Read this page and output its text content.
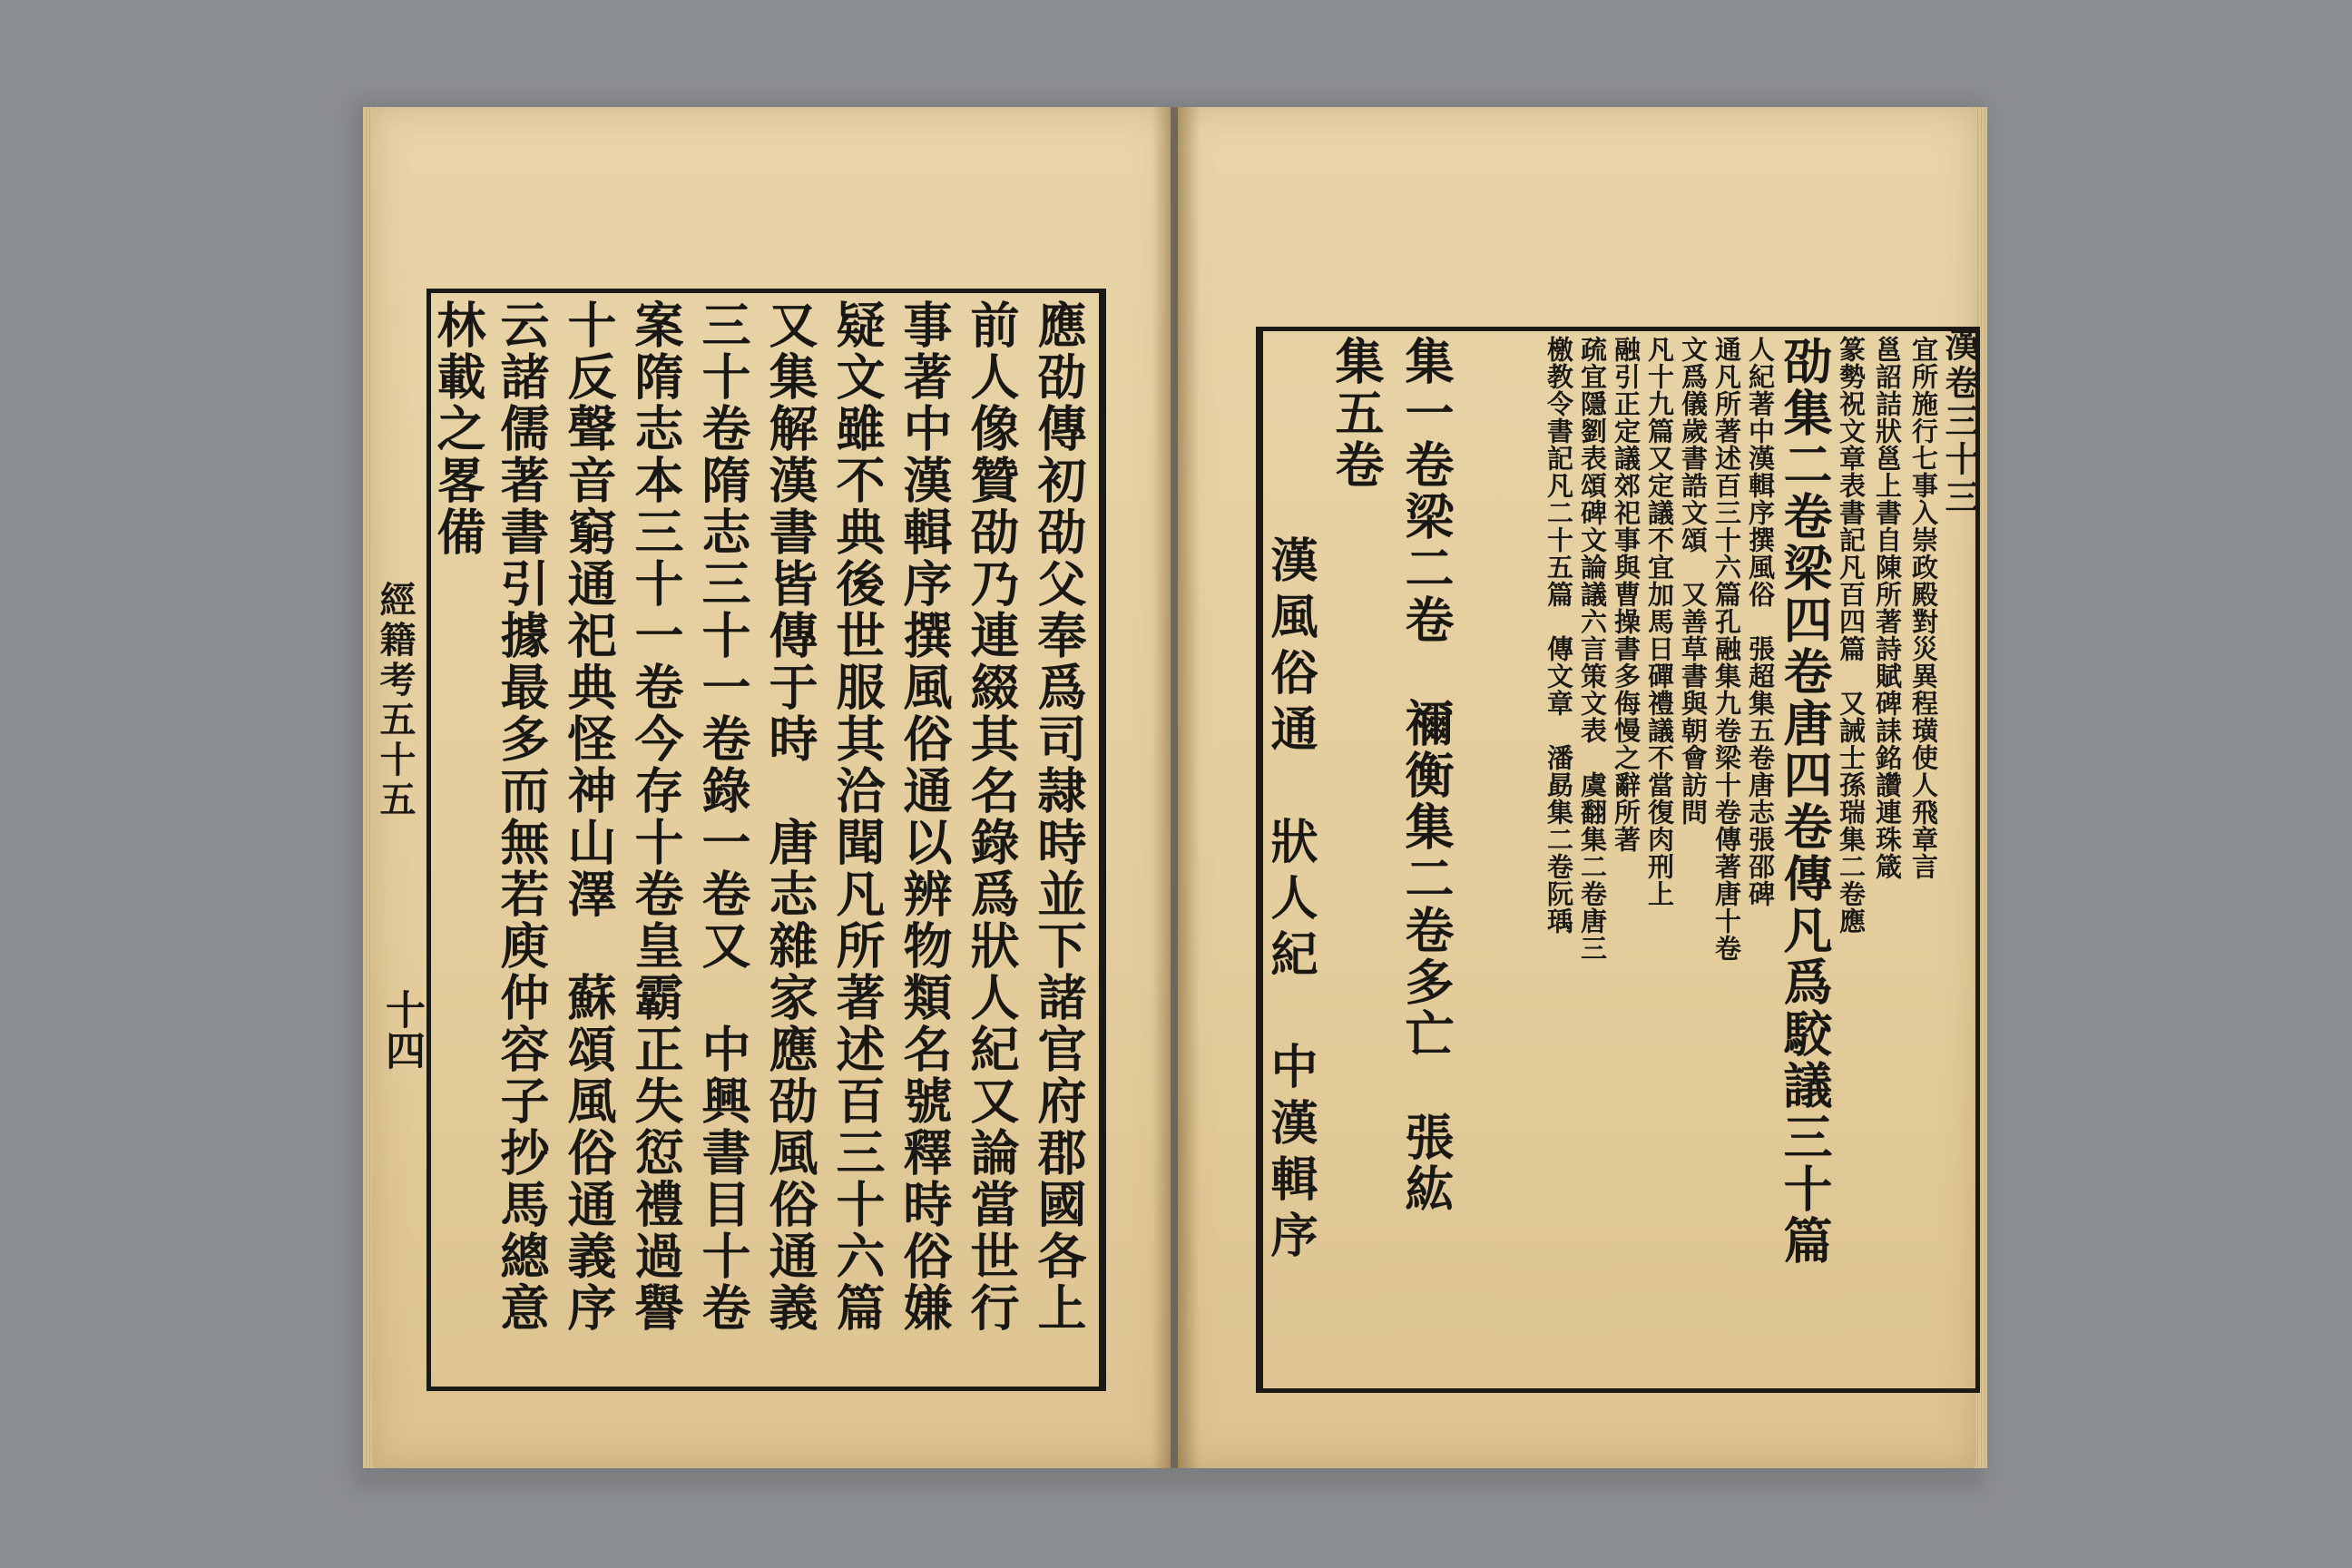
應劭傳初劭父奉爲司隷時並下諸官府郡國各上
前人像贊劭乃連綴其名錄爲狀人紀又論當世行
事著中漢輯序撰風俗通以辨物類名號釋時俗嫌
疑文雖不典後世服其洽聞凡所著述百三十六篇
又集解漢書皆傳于時　唐志雜家應劭風俗通義
三十卷隋志三十一卷錄一卷又　中興書目十卷
案隋志本三十一卷今存十卷皇霸正失愆禮過譽
十反聲音窮通祀典怪神山澤　蘇頌風俗通義序
云諸儒著書引據最多而無若庾仲容子抄馬總意
林載之畧備
經籍考五十五
十四
宜所施行七事入崇政殿對災異程璜使人飛章言
邕詔詰狀邕上書自陳所著詩賦碑誄銘讚連珠箴
篆勢祝文章表書記凡百四篇　又誡士孫瑞集二卷應
劭集二卷梁四卷唐四卷傳凡爲駮議三十篇
人紀著中漢輯序撰風俗　張超集五卷唐志張邵碑
通凡所著述百三十六篇孔融集九卷梁十卷傳著唐十卷
文爲儀歲書誥文頌　又善草書與朝會訪問
凡十九篇又定議不宜加馬日磾禮議不當復肉刑上
融引正定議郊祀事與曹操書多侮慢之辭所著
疏宜隱劉表頌碑文論議六言策文表　虞翻集二卷唐三
檄教令書記凡二十五篇　傳文章　潘勗集二卷阮瑀
集一卷梁二卷　禰衡集二卷多亡　張紘
集五卷
漢風俗通　狀人紀　中漢輯序
漢卷三十三
